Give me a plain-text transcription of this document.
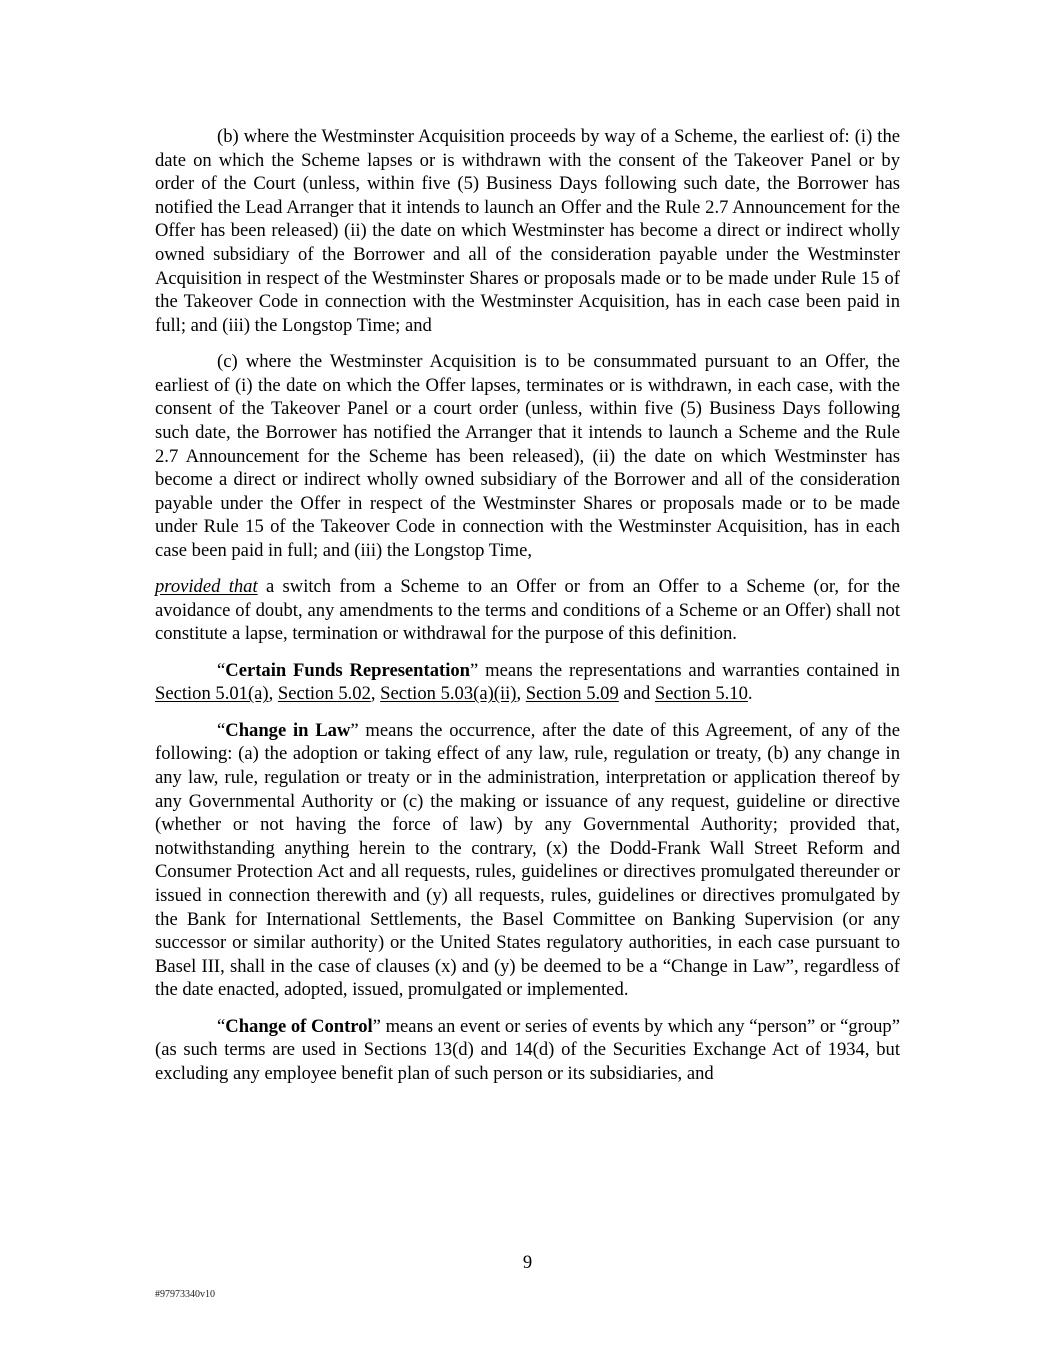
(b) where the Westminster Acquisition proceeds by way of a Scheme, the earliest of: (i) the date on which the Scheme lapses or is withdrawn with the consent of the Takeover Panel or by order of the Court (unless, within five (5) Business Days following such date, the Borrower has notified the Lead Arranger that it intends to launch an Offer and the Rule 2.7 Announcement for the Offer has been released) (ii) the date on which Westminster has become a direct or indirect wholly owned subsidiary of the Borrower and all of the consideration payable under the Westminster Acquisition in respect of the Westminster Shares or proposals made or to be made under Rule 15 of the Takeover Code in connection with the Westminster Acquisition, has in each case been paid in full; and (iii) the Longstop Time; and

(c) where the Westminster Acquisition is to be consummated pursuant to an Offer, the earliest of (i) the date on which the Offer lapses, terminates or is withdrawn, in each case, with the consent of the Takeover Panel or a court order (unless, within five (5) Business Days following such date, the Borrower has notified the Arranger that it intends to launch a Scheme and the Rule 2.7 Announcement for the Scheme has been released), (ii) the date on which Westminster has become a direct or indirect wholly owned subsidiary of the Borrower and all of the consideration payable under the Offer in respect of the Westminster Shares or proposals made or to be made under Rule 15 of the Takeover Code in connection with the Westminster Acquisition, has in each case been paid in full; and (iii) the Longstop Time,

provided that a switch from a Scheme to an Offer or from an Offer to a Scheme (or, for the avoidance of doubt, any amendments to the terms and conditions of a Scheme or an Offer) shall not constitute a lapse, termination or withdrawal for the purpose of this definition.

“Certain Funds Representation” means the representations and warranties contained in Section 5.01(a), Section 5.02, Section 5.03(a)(ii), Section 5.09 and Section 5.10.

“Change in Law” means the occurrence, after the date of this Agreement, of any of the following: (a) the adoption or taking effect of any law, rule, regulation or treaty, (b) any change in any law, rule, regulation or treaty or in the administration, interpretation or application thereof by any Governmental Authority or (c) the making or issuance of any request, guideline or directive (whether or not having the force of law) by any Governmental Authority; provided that, notwithstanding anything herein to the contrary, (x) the Dodd-Frank Wall Street Reform and Consumer Protection Act and all requests, rules, guidelines or directives promulgated thereunder or issued in connection therewith and (y) all requests, rules, guidelines or directives promulgated by the Bank for International Settlements, the Basel Committee on Banking Supervision (or any successor or similar authority) or the United States regulatory authorities, in each case pursuant to Basel III, shall in the case of clauses (x) and (y) be deemed to be a “Change in Law”, regardless of the date enacted, adopted, issued, promulgated or implemented.

“Change of Control” means an event or series of events by which any “person” or “group” (as such terms are used in Sections 13(d) and 14(d) of the Securities Exchange Act of 1934, but excluding any employee benefit plan of such person or its subsidiaries, and

9
#97973340v10
